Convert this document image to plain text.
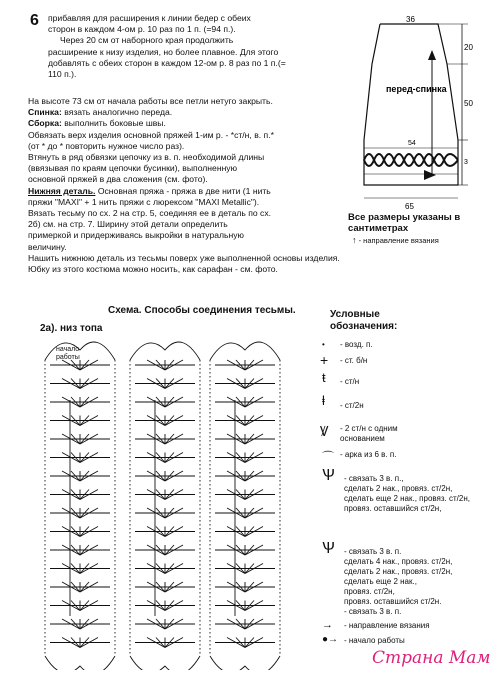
6 прибавляя для расширения к линии бедер с обеих
сторон в каждом 4-ом р. 10 раз по 1 п. (=94 п.).
Через 20 см от наборного края продолжить
расширение к низу изделия, но более плавное. Для этого
добавлять с обеих сторон в каждом 12-ом р. 8 раз по 1 п.(=
110 п.).
На высоте 73 см от начала работы все петли нетуго закрыть.
Спинка: вязать аналогично переда.
Сборка: выполнить боковые швы.
Обвязать верх изделия основной пряжей 1-им р. - *ст/н, в. п.*
(от * до * повторить нужное число раз).
Втянуть в ряд обвязки цепочку из в. п. необходимой длины
(ввязывая по краям цепочки бусинки), выполненную
основной пряжей в два сложения (см. фото).
Нижняя деталь. Основная пряжа - пряжа в две нити (1 нить
пряжи "MAXI" + 1 нить пряжи с люрексом "MAXI Metallic").
Вязать тесьму по сх. 2 на стр. 5, соединяя ее в деталь по сх.
2б) см. на стр. 7. Ширину этой детали определить
примеркой и придерживаясь выкройки в натуральную
величину.
Нашить нижнюю деталь из тесьмы поверх уже выполненной основы изделия.
Юбку из этого костюма можно носить, как сарафан - см. фото.
36
20
50
54
3
65
перед-спинка
Все размеры указаны в сантиметрах
↑ - направление вязания
Схема. Способы соединения тесьмы.
2а). низ топа
начало работы
Условные обозначения:
• - возд. п.
+ - ст. б/н
ŧ - ст/н
ⱡ - ст/2н
Ꝟ - 2 ст/н с одним основанием
⌒ - арка из 6 в. п.
Ѱ - связать 3 в. п.,
сделать 2 нак., провяз. ст/2н,
сделать еще 2 нак., провяз. ст/2н,
провяз. оставшийся ст/2н,
Ѱ - связать 3 в. п.
сделать 4 нак., провяз. ст/2н,
сделать 2 нак., провяз. ст/2н,
сделать еще 2 нак.,
провяз. ст/2н,
провяз. оставшийся ст/2н.
- связать 3 в. п.
→ - направление вязания
●→ - начало работы
Страна Мам
